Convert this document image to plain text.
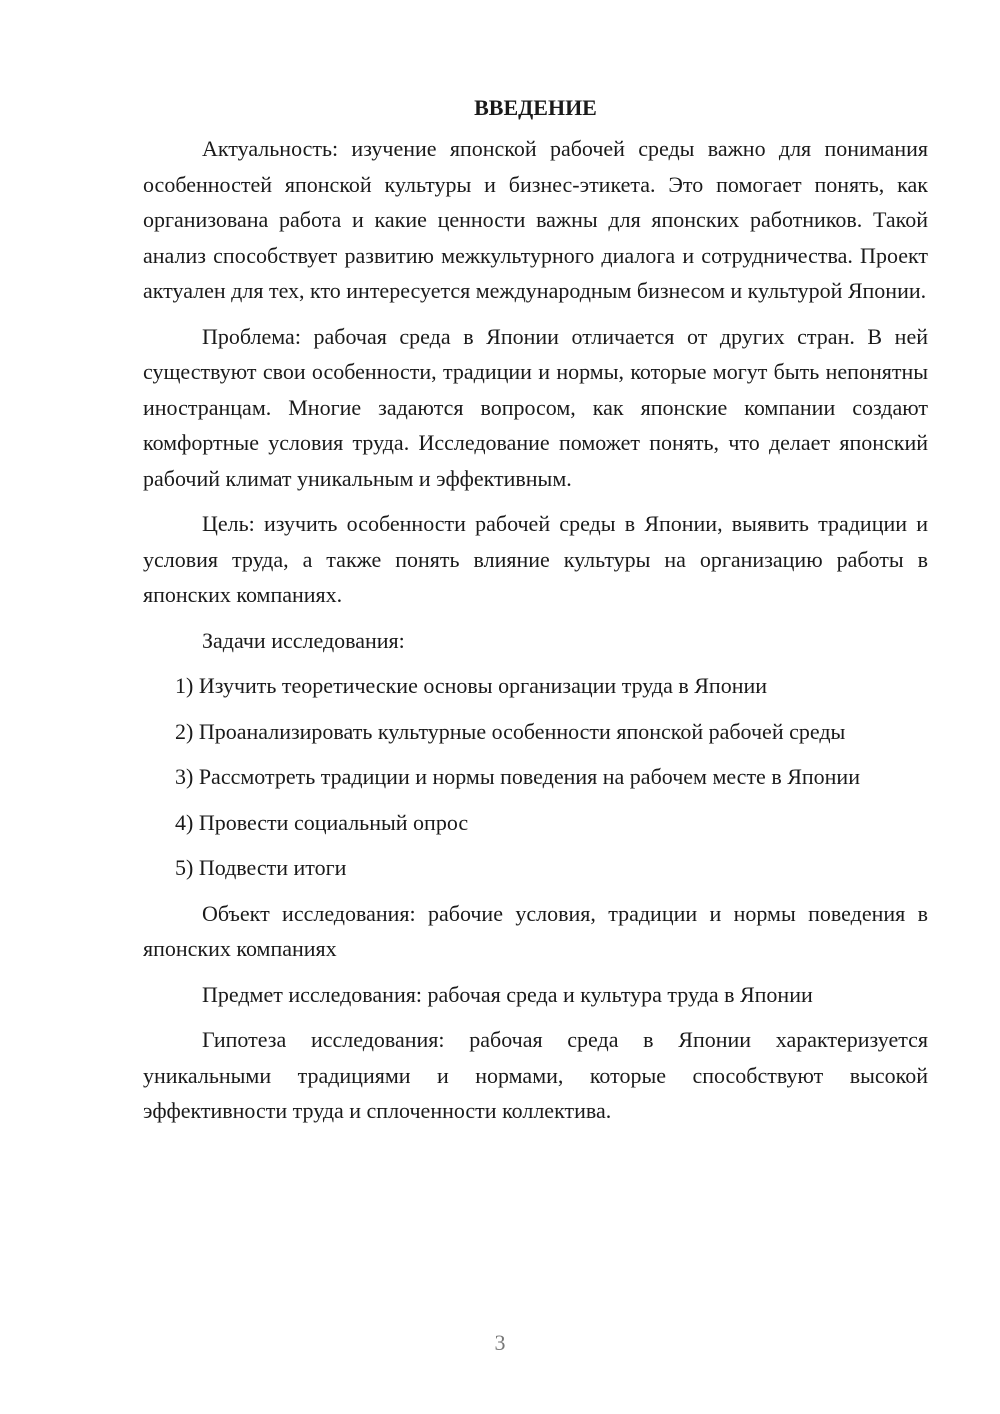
ВВЕДЕНИЕ

Актуальность: изучение японской рабочей среды важно для понимания особенностей японской культуры и бизнес-этикета. Это помогает понять, как организована работа и какие ценности важны для японских работников. Такой анализ способствует развитию межкультурного диалога и сотрудничества. Проект актуален для тех, кто интересуется международным бизнесом и культурой Японии.

Проблема: рабочая среда в Японии отличается от других стран. В ней существуют свои особенности, традиции и нормы, которые могут быть непонятны иностранцам. Многие задаются вопросом, как японские компании создают комфортные условия труда. Исследование поможет понять, что делает японский рабочий климат уникальным и эффективным.

Цель: изучить особенности рабочей среды в Японии, выявить традиции и условия труда, а также понять влияние культуры на организацию работы в японских компаниях.

Задачи исследования:

1) Изучить теоретические основы организации труда в Японии

2) Проанализировать культурные особенности японской рабочей среды

3) Рассмотреть традиции и нормы поведения на рабочем месте в Японии

4) Провести социальный опрос

5) Подвести итоги

Объект исследования: рабочие условия, традиции и нормы поведения в японских компаниях

Предмет исследования: рабочая среда и культура труда в Японии

Гипотеза исследования: рабочая среда в Японии характеризуется уникальными традициями и нормами, которые способствуют высокой эффективности труда и сплоченности коллектива.

3
